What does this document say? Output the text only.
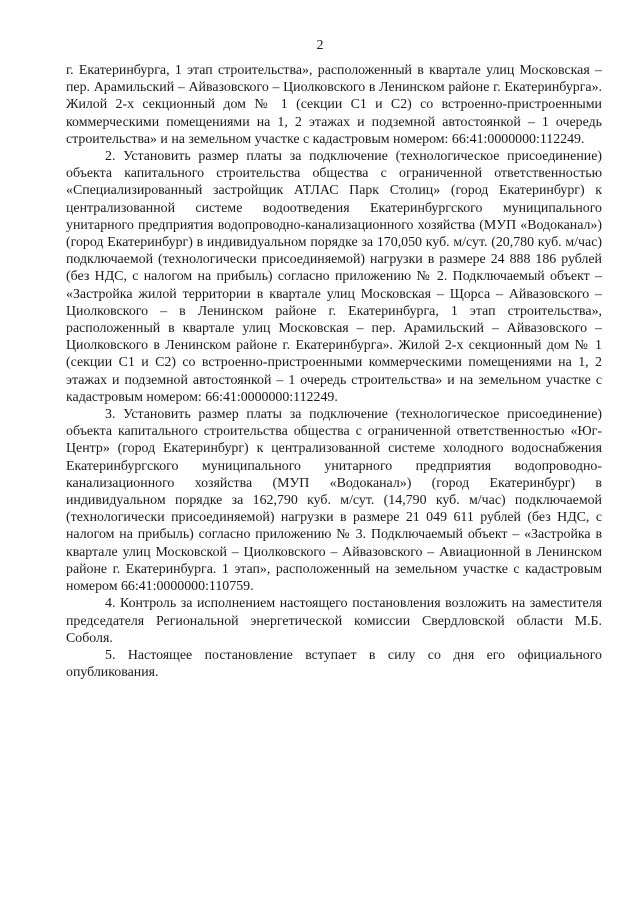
2

г. Екатеринбурга, 1 этап строительства», расположенный в квартале улиц Московская – пер. Арамильский – Айвазовского – Циолковского в Ленинском районе г. Екатеринбурга». Жилой 2-х секционный дом № 1 (секции С1 и С2) со встроенно-пристроенными коммерческими помещениями на 1, 2 этажах и подземной автостоянкой – 1 очередь строительства» и на земельном участке с кадастровым номером: 66:41:0000000:112249.

2. Установить размер платы за подключение (технологическое присоединение) объекта капитального строительства общества с ограниченной ответственностью «Специализированный застройщик АТЛАС Парк Столиц» (город Екатеринбург) к централизованной системе водоотведения Екатеринбургского муниципального унитарного предприятия водопроводно-канализационного хозяйства (МУП «Водоканал») (город Екатеринбург) в индивидуальном порядке за 170,050 куб. м/сут. (20,780 куб. м/час) подключаемой (технологически присоединяемой) нагрузки в размере 24 888 186 рублей (без НДС, с налогом на прибыль) согласно приложению № 2. Подключаемый объект – «Застройка жилой территории в квартале улиц Московская – Щорса – Айвазовского – Циолковского – в Ленинском районе г. Екатеринбурга, 1 этап строительства», расположенный в квартале улиц Московская – пер. Арамильский – Айвазовского – Циолковского в Ленинском районе г. Екатеринбурга». Жилой 2-х секционный дом № 1 (секции С1 и С2) со встроенно-пристроенными коммерческими помещениями на 1, 2 этажах и подземной автостоянкой – 1 очередь строительства» и на земельном участке с кадастровым номером: 66:41:0000000:112249.

3. Установить размер платы за подключение (технологическое присоединение) объекта капитального строительства общества с ограниченной ответственностью «Юг-Центр» (город Екатеринбург) к централизованной системе холодного водоснабжения Екатеринбургского муниципального унитарного предприятия водопроводно-канализационного хозяйства (МУП «Водоканал») (город Екатеринбург) в индивидуальном порядке за 162,790 куб. м/сут. (14,790 куб. м/час) подключаемой (технологически присоединяемой) нагрузки в размере 21 049 611 рублей (без НДС, с налогом на прибыль) согласно приложению № 3. Подключаемый объект – «Застройка в квартале улиц Московской – Циолковского – Айвазовского – Авиационной в Ленинском районе г. Екатеринбурга. 1 этап», расположенный на земельном участке с кадастровым номером 66:41:0000000:110759.

4. Контроль за исполнением настоящего постановления возложить на заместителя председателя Региональной энергетической комиссии Свердловской области М.Б. Соболя.

5. Настоящее постановление вступает в силу со дня его официального опубликования.
